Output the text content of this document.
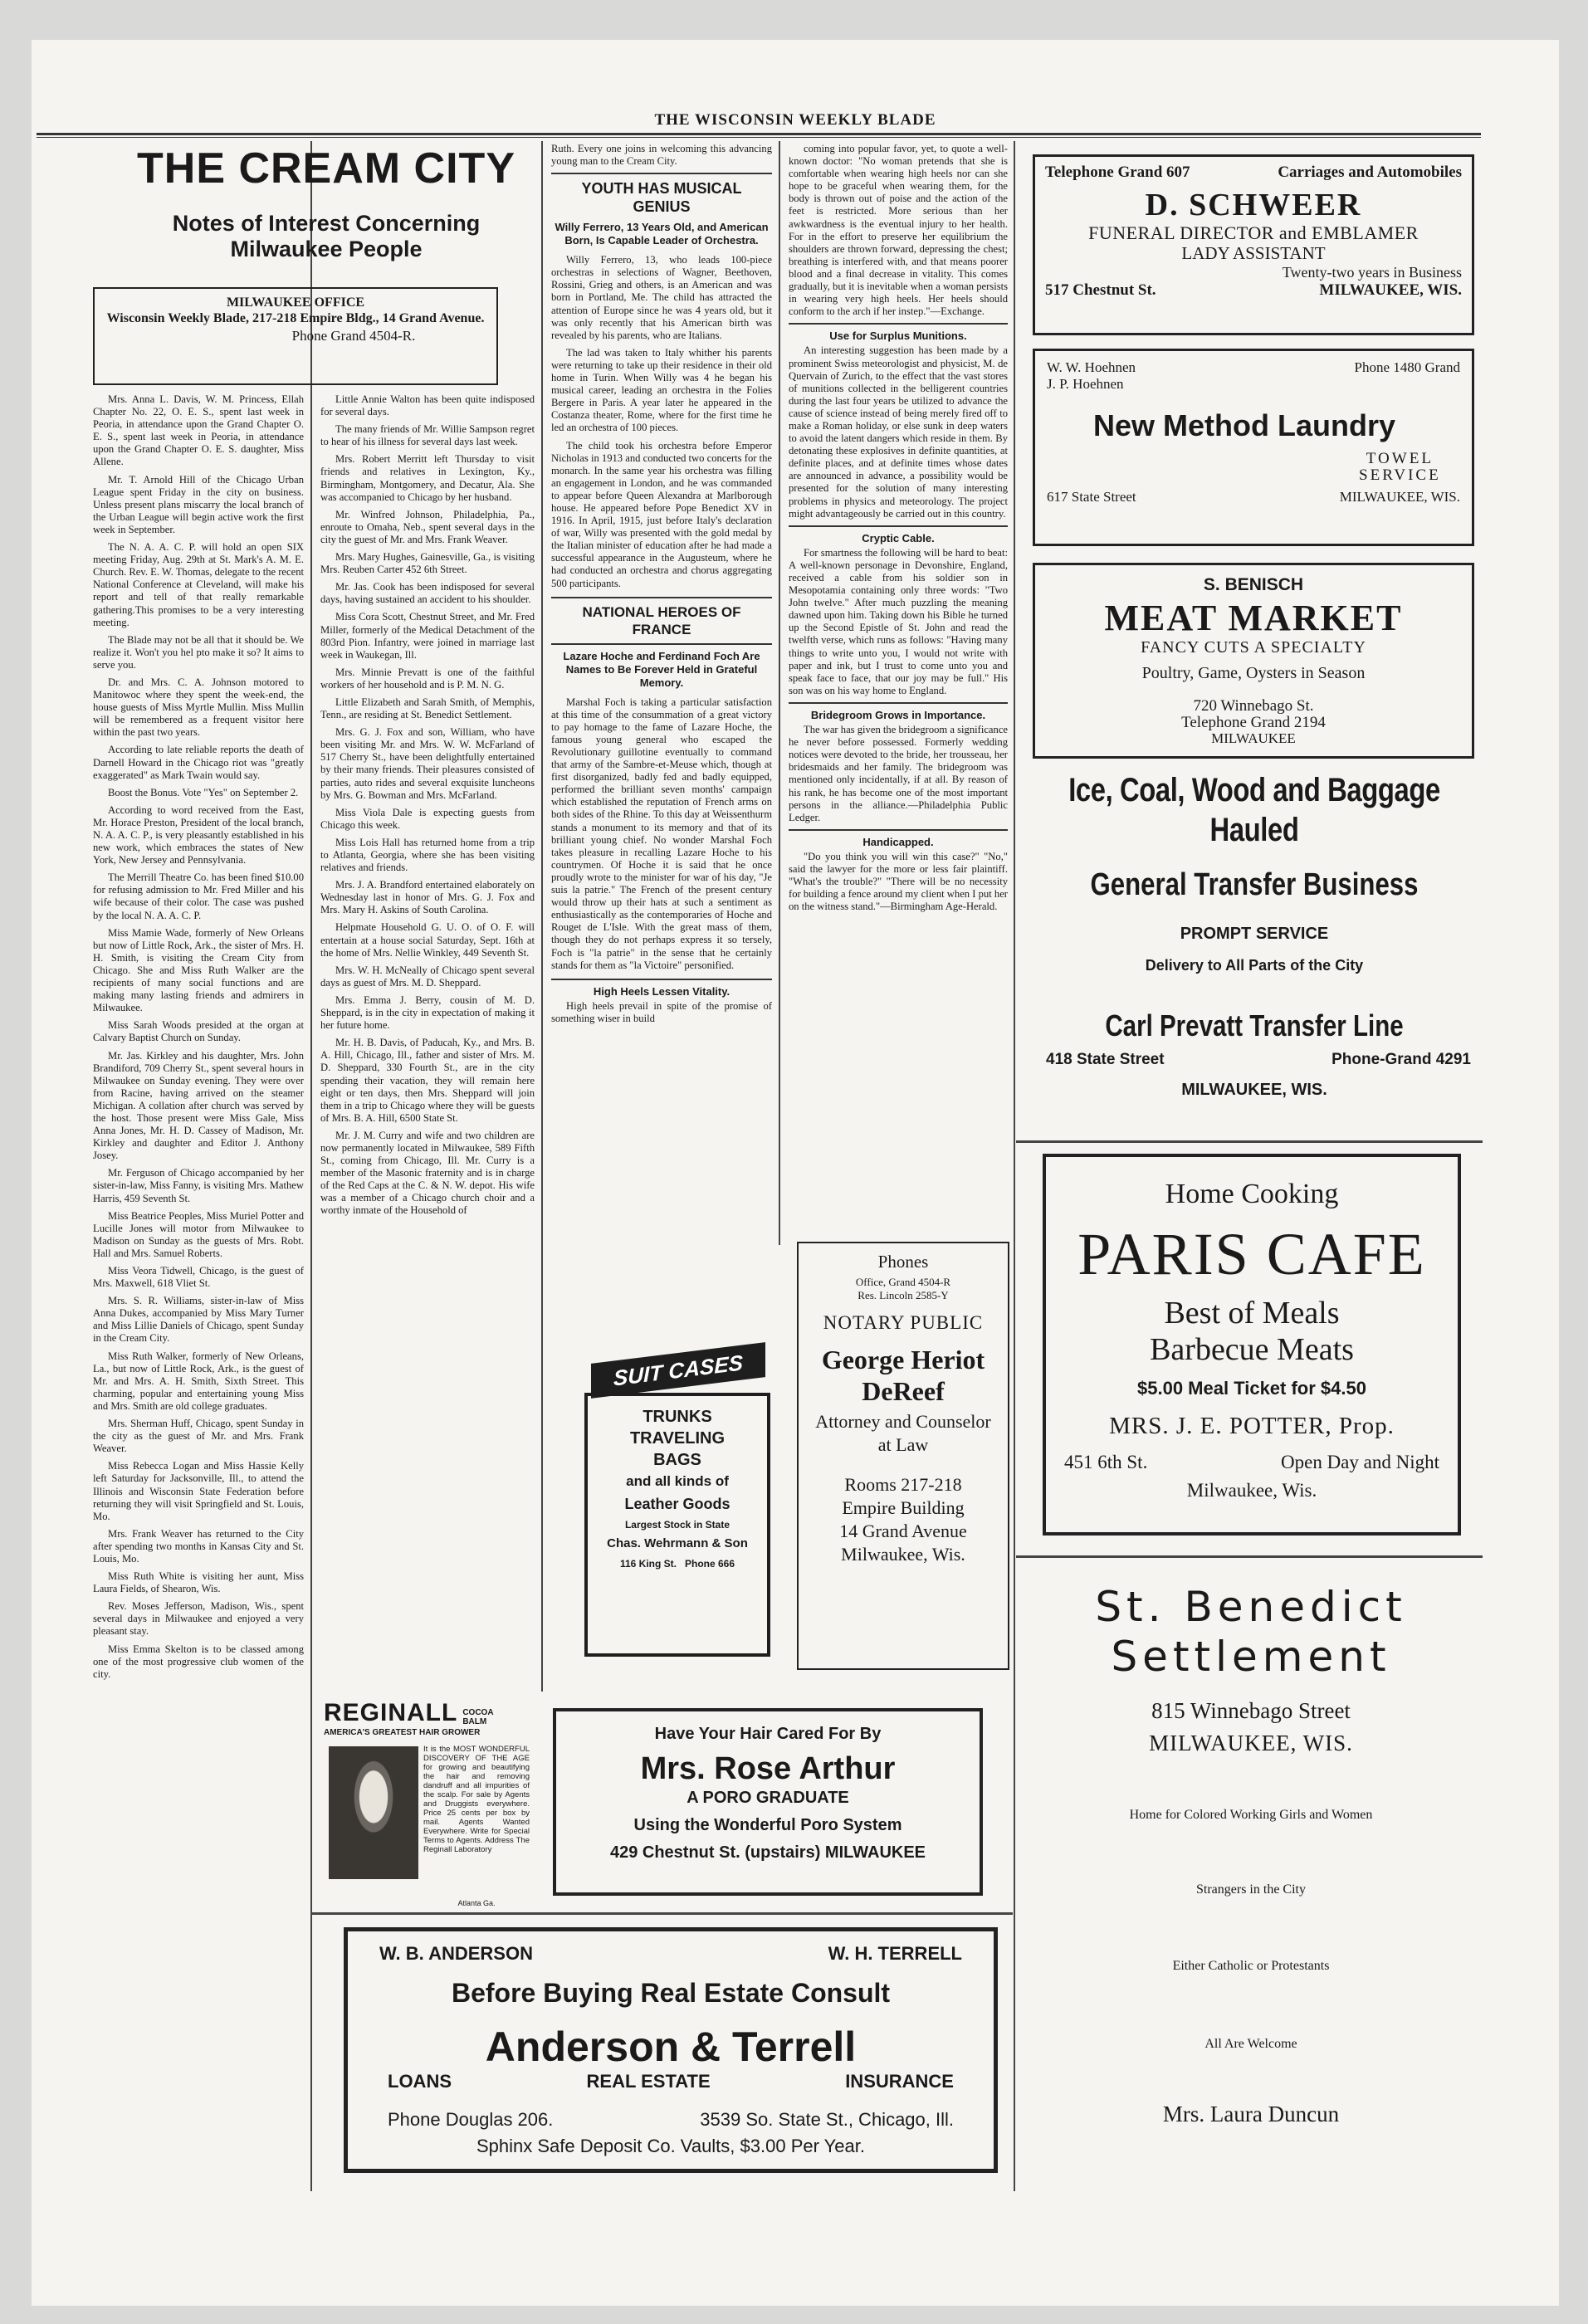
THE WISCONSIN WEEKLY BLADE
THE CREAM CITY
Notes of Interest Concerning
Milwaukee People
MILWAUKEE OFFICE
Wisconsin Weekly Blade, 217-218 Empire Bldg., 14 Grand Avenue.
Phone Grand 4504-R.

Mrs. Anna L. Davis, W. M. Princess, Ellah Chapter No. 22, O. E. S., spent last week in Peoria, in attendance upon the Grand Chapter O. E. S., spent last week in Peoria, in attendance upon the Grand Chapter O. E. S. daughter, Miss Allene.

Mr. T. Arnold Hill of the Chicago Urban League spent Friday in the city on business. Unless present plans miscarry the local branch of the Urban League will begin active work the first week in September.

The N. A. A. C. P. will hold an open SIX meeting Friday, Aug. 29th at St. Mark's A. M. E. Church. Rev. E. W. Thomas, delegate to the recent National Conference at Cleveland, will make his report and tell of that really remarkable gathering.This promises to be a very interesting meeting.

The Blade may not be all that it should be. We realize it. Won't you hel pto make it so? It aims to serve you.

Dr. and Mrs. C. A. Johnson motored to Manitowoc where they spent the week-end, the house guests of Miss Myrtle Mullin. Miss Mullin will be remembered as a frequent visitor here within the past two years.

According to late reliable reports the death of Darnell Howard in the Chicago riot was "greatly exaggerated" as Mark Twain would say.

Boost the Bonus. Vote "Yes" on September 2.

According to word received from the East, Mr. Horace Preston, President of the local branch, N. A. A. C. P., is very pleasantly established in his new work, which embraces the states of New York, New Jersey and Pennsylvania.

The Merrill Theatre Co. has been fined $10.00 for refusing admission to Mr. Fred Miller and his wife because of their color. The case was pushed by the local N. A. A. C. P.

Miss Mamie Wade, formerly of New Orleans but now of Little Rock, Ark., the sister of Mrs. H. H. Smith, is visiting the Cream City from Chicago. She and Miss Ruth Walker are the recipients of many social functions and are making many lasting friends and admirers in Milwaukee.

Miss Sarah Woods presided at the organ at Calvary Baptist Church on Sunday.

Mr. Jas. Kirkley and his daughter, Mrs. John Brandiford, 709 Cherry St., spent several hours in Milwaukee on Sunday evening. They were over from Racine, having arrived on the steamer Michigan. A collation after church was served by the host. Those present were Miss Gale, Miss Anna Jones, Mr. H. D. Cassey of Madison, Mr. Kirkley and daughter and Editor J. Anthony Josey.

Mr. Ferguson of Chicago accompanied by her sister-in-law, Miss Fanny, is visiting Mrs. Mathew Harris, 459 Seventh St.

Miss Beatrice Peoples, Miss Muriel Potter and Lucille Jones will motor from Milwaukee to Madison on Sunday as the guests of Mrs. Robt. Hall and Mrs. Samuel Roberts.

Miss Veora Tidwell, Chicago, is the guest of Mrs. Maxwell, 618 Vliet St.

Mrs. S. R. Williams, sister-in-law of Miss Anna Dukes, accompanied by Miss Mary Turner and Miss Lillie Daniels of Chicago, spent Sunday in the Cream City.

Miss Ruth Walker, formerly of New Orleans, La., but now of Little Rock, Ark., is the guest of Mr. and Mrs. A. H. Smith, Sixth Street. This charming, popular and entertaining young Miss and Mrs. Smith are old college graduates.

Mrs. Sherman Huff, Chicago, spent Sunday in the city as the guest of Mr. and Mrs. Frank Weaver.

Miss Rebecca Logan and Miss Hassie Kelly left Saturday for Jacksonville, Ill., to attend the Illinois and Wisconsin State Federation before returning they will visit Springfield and St. Louis, Mo.

Mrs. Frank Weaver has returned to the City after spending two months in Kansas City and St. Louis, Mo.

Miss Ruth White is visiting her aunt, Miss Laura Fields, of Shearon, Wis.

Rev. Moses Jefferson, Madison, Wis., spent several days in Milwaukee and enjoyed a very pleasant stay.

Miss Emma Skelton is to be classed among one of the most progressive club women of the city.

Little Annie Walton has been quite indisposed for several days.

The many friends of Mr. Willie Sampson regret to hear of his illness for several days last week.

Mrs. Robert Merritt left Thursday to visit friends and relatives in Lexington, Ky., Birmingham, Montgomery, and Decatur, Ala. She was accompanied to Chicago by her husband.

Mr. Winfred Johnson, Philadelphia, Pa., enroute to Omaha, Neb., spent several days in the city the guest of Mr. and Mrs. Frank Weaver.

Mrs. Mary Hughes, Gainesville, Ga., is visiting Mrs. Reuben Carter 452 6th Street.

Mr. Jas. Cook has been indisposed for several days, having sustained an accident to his shoulder.

Miss Cora Scott, Chestnut Street, and Mr. Fred Miller, formerly of the Medical Detachment of the 803rd Pion. Infantry, were joined in marriage last week in Waukegan, Ill.

Mrs. Minnie Prevatt is one of the faithful workers of her household and is P. M. N. G.

Little Elizabeth and Sarah Smith, of Memphis, Tenn., are residing at St. Benedict Settlement.

Mrs. G. J. Fox and son, William, who have been visiting Mr. and Mrs. W. W. McFarland of 517 Cherry St., have been delightfully entertained by their many friends. Their pleasures consisted of parties, auto rides and several exquisite luncheons by Mrs. G. Bowman and Mrs. McFarland.

Miss Viola Dale is expecting guests from Chicago this week.

Miss Lois Hall has returned home from a trip to Atlanta, Georgia, where she has been visiting relatives and friends.

Mrs. J. A. Brandford entertained elaborately on Wednesday last in honor of Mrs. G. J. Fox and Mrs. Mary H. Askins of South Carolina.

Helpmate Household G. U. O. of O. F. will entertain at a house social Saturday, Sept. 16th at the home of Mrs. Nellie Winkley, 449 Seventh St.

Mrs. W. H. McNeally of Chicago spent several days as guest of Mrs. M. D. Sheppard.

Mrs. Emma J. Berry, cousin of M. D. Sheppard, is in the city in expectation of making it her future home.

Mr. H. B. Davis, of Paducah, Ky., and Mrs. B. A. Hill, Chicago, Ill., father and sister of Mrs. M. D. Sheppard, 330 Fourth St., are in the city spending their vacation, they will remain here eight or ten days, then Mrs. Sheppard will join them in a trip to Chicago where they will be guests of Mrs. B. A. Hill, 6500 State St.

Mr. J. M. Curry and wife and two children are now permanently located in Milwaukee, 589 Fifth St., coming from Chicago, Ill. Mr. Curry is a member of the Masonic fraternity and is in charge of the Red Caps at the C. & N. W. depot. His wife was a member of a Chicago church choir and a worthy inmate of the Household of

Ruth. Every one joins in welcoming this advancing young man to the Cream City.

YOUTH HAS MUSICAL GENIUS
Willy Ferrero, 13 Years Old, and American Born, Is Capable Leader of Orchestra.

Willy Ferrero, 13, who leads 100-piece orchestras in selections of Wagner, Beethoven, Rossini, Grieg and others, is an American and was born in Portland, Me. The child has attracted the attention of Europe since he was 4 years old, but it was only recently that his American birth was revealed by his parents, who are Italians.

The lad was taken to Italy whither his parents were returning to take up their residence in their old home in Turin. When Willy was 4 he began his musical career, leading an orchestra in the Folies Bergere in Paris. A year later he appeared in the Costanza theater, Rome, where for the first time he led an orchestra of 100 pieces.

The child took his orchestra before Emperor Nicholas in 1913 and conducted two concerts for the monarch. In the same year his orchestra was filling an engagement in London, and he was commanded to appear before Queen Alexandra at Marlborough house. He appeared before Pope Benedict XV in 1916. In April, 1915, just before Italy's declaration of war, Willy was presented with the gold medal by the Italian minister of education after he had made a successful appearance in the Augusteum, where he had conducted an orchestra and chorus aggregating 500 participants.

NATIONAL HEROES OF FRANCE
Lazare Hoche and Ferdinand Foch Are Names to Be Forever Held in Grateful Memory.

Marshal Foch is taking a particular satisfaction at this time of the consummation of a great victory to pay homage to the fame of Lazare Hoche, the famous young general who escaped the Revolutionary guillotine eventually to command that army of the Sambre-et-Meuse which, though at first disorganized, badly fed and badly equipped, performed the brilliant seven months' campaign which established the reputation of French arms on both sides of the Rhine. To this day at Weissenthurm stands a monument to its memory and that of its brilliant young chief. No wonder Marshal Foch takes pleasure in recalling Lazare Hoche to his countrymen. Of Hoche it is said that he once proudly wrote to the minister for war of his day, "Je suis la patrie." The French of the present century would throw up their hats at such a sentiment as enthusiastically as the contemporaries of Hoche and Rouget de L'Isle. With the great mass of them, though they do not perhaps express it so tersely, Foch is "la patrie" in the sense that he certainly stands for them as "la Victoire" personified.

High Heels Lessen Vitality.

High heels prevail in spite of the promise of something wiser in build

coming into popular favor, yet, to quote a well-known doctor: "No woman pretends that she is comfortable when wearing high heels nor can she hope to be graceful when wearing them, for the body is thrown out of poise and the action of the feet is restricted. More serious than her awkwardness is the eventual injury to her health. For in the effort to preserve her equilibrium the shoulders are thrown forward, depressing the chest; breathing is interfered with, and that means poorer blood and a final decrease in vitality. This comes gradually, but it is inevitable when a woman persists in wearing very high heels. Her heels should conform to the arch if her instep."—Exchange.

Use for Surplus Munitions.

An interesting suggestion has been made by a prominent Swiss meteorologist and physicist, M. de Quervain of Zurich, to the effect that the vast stores of munitions collected in the belligerent countries during the last four years be utilized to advance the cause of science instead of being merely fired off to make a Roman holiday, or else sunk in deep waters to avoid the latent dangers which reside in them. By detonating these explosives in definite quantities, at definite places, and at definite times whose dates are announced in advance, a possibility would be presented for the solution of many interesting problems in physics and meteorology. The project might advantageously be carried out in this country.

Cryptic Cable.

For smartness the following will be hard to beat: A well-known personage in Devonshire, England, received a cable from his soldier son in Mesopotamia containing only three words: "Two John twelve." After much puzzling the meaning dawned upon him. Taking down his Bible he turned up the Second Epistle of St. John and read the twelfth verse, which runs as follows: "Having many things to write unto you, I would not write with paper and ink, but I trust to come unto you and speak face to face, that our joy may be full." His son was on his way home to England.

Bridegroom Grows in Importance.

The war has given the bridegroom a significance he never before possessed. Formerly wedding notices were devoted to the bride, her trousseau, her bridesmaids and her family. The bridegroom was mentioned only incidentally, if at all. By reason of his rank, he has become one of the most important persons in the alliance.—Philadelphia Public Ledger.

Handicapped.

"Do you think you will win this case?" "No," said the lawyer for the more or less fair plaintiff. "What's the trouble?" "There will be no necessity for building a fence around my client when I put her on the witness stand."—Birmingham Age-Herald.

SUIT CASES
TRUNKS
TRAVELING
BAGS
and all kinds of
Leather Goods
Largest Stock in State
Chas. Wehrmann & Son
116 King St. Phone 666
Phones
Office, Grand 4504-R
Res. Lincoln 2585-Y
NOTARY PUBLIC
George Heriot
DeReef
Attorney and Counselor at Law
Rooms 217-218
Empire Building
14 Grand Avenue
Milwaukee, Wis.
Telephone Grand 607	Carriages and Automobiles
D. SCHWEER
FUNERAL DIRECTOR and EMBLAMER
LADY ASSISTANT
Twenty-two years in Business
517 Chestnut St.	MILWAUKEE, WIS.
W. W. Hoehnen
J. P. Hoehnen
Phone 1480 Grand
New Method Laundry
617 State Street
TOWEL
SERVICE
MILWAUKEE, WIS.
S. BENISCH
MEAT MARKET
FANCY CUTS A SPECIALTY
Poultry, Game, Oysters in Season
720 Winnebago St.
Telephone Grand 2194
MILWAUKEE
Ice, Coal, Wood and Baggage Hauled
General Transfer Business
PROMPT SERVICE
Delivery to All Parts of the City
Carl Prevatt Transfer Line
418 State Street	Phone-Grand 4291
MILWAUKEE, WIS.
Home Cooking
PARIS CAFE
Best of Meals
Barbecue Meats
$5.00 Meal Ticket for $4.50
MRS. J. E. POTTER, Prop.
451 6th St.	Open Day and Night
Milwaukee, Wis.
St. Benedict
Settlement
815 Winnebago Street
MILWAUKEE, WIS.
Home for Colored Working Girls and Women
Strangers in the City
Either Catholic or Protestants
All Are Welcome
Mrs. Laura Duncun
REGINALL COCOA BALM
AMERICA'S GREATEST HAIR GROWER
It is the MOST WONDERFUL DISCOVERY OF THE AGE for growing and beautifying the hair and removing dandruff and all impurities of the scalp. For sale by Agents and Druggists everywhere. Price 25 cents per box by mail. Agents Wanted Everywhere. Write for Special Terms to Agents. Address The Reginall Laboratory
Atlanta Ga.
Have Your Hair Cared For By
Mrs. Rose Arthur
A PORO GRADUATE
Using the Wonderful Poro System
429 Chestnut St. (upstairs) MILWAUKEE
W. B. ANDERSON	W. H. TERRELL
Before Buying Real Estate Consult
Anderson & Terrell
LOANS	REAL ESTATE	INSURANCE
Phone Douglas 206.	3539 So. State St., Chicago, Ill.
Sphinx Safe Deposit Co. Vaults, $3.00 Per Year.
